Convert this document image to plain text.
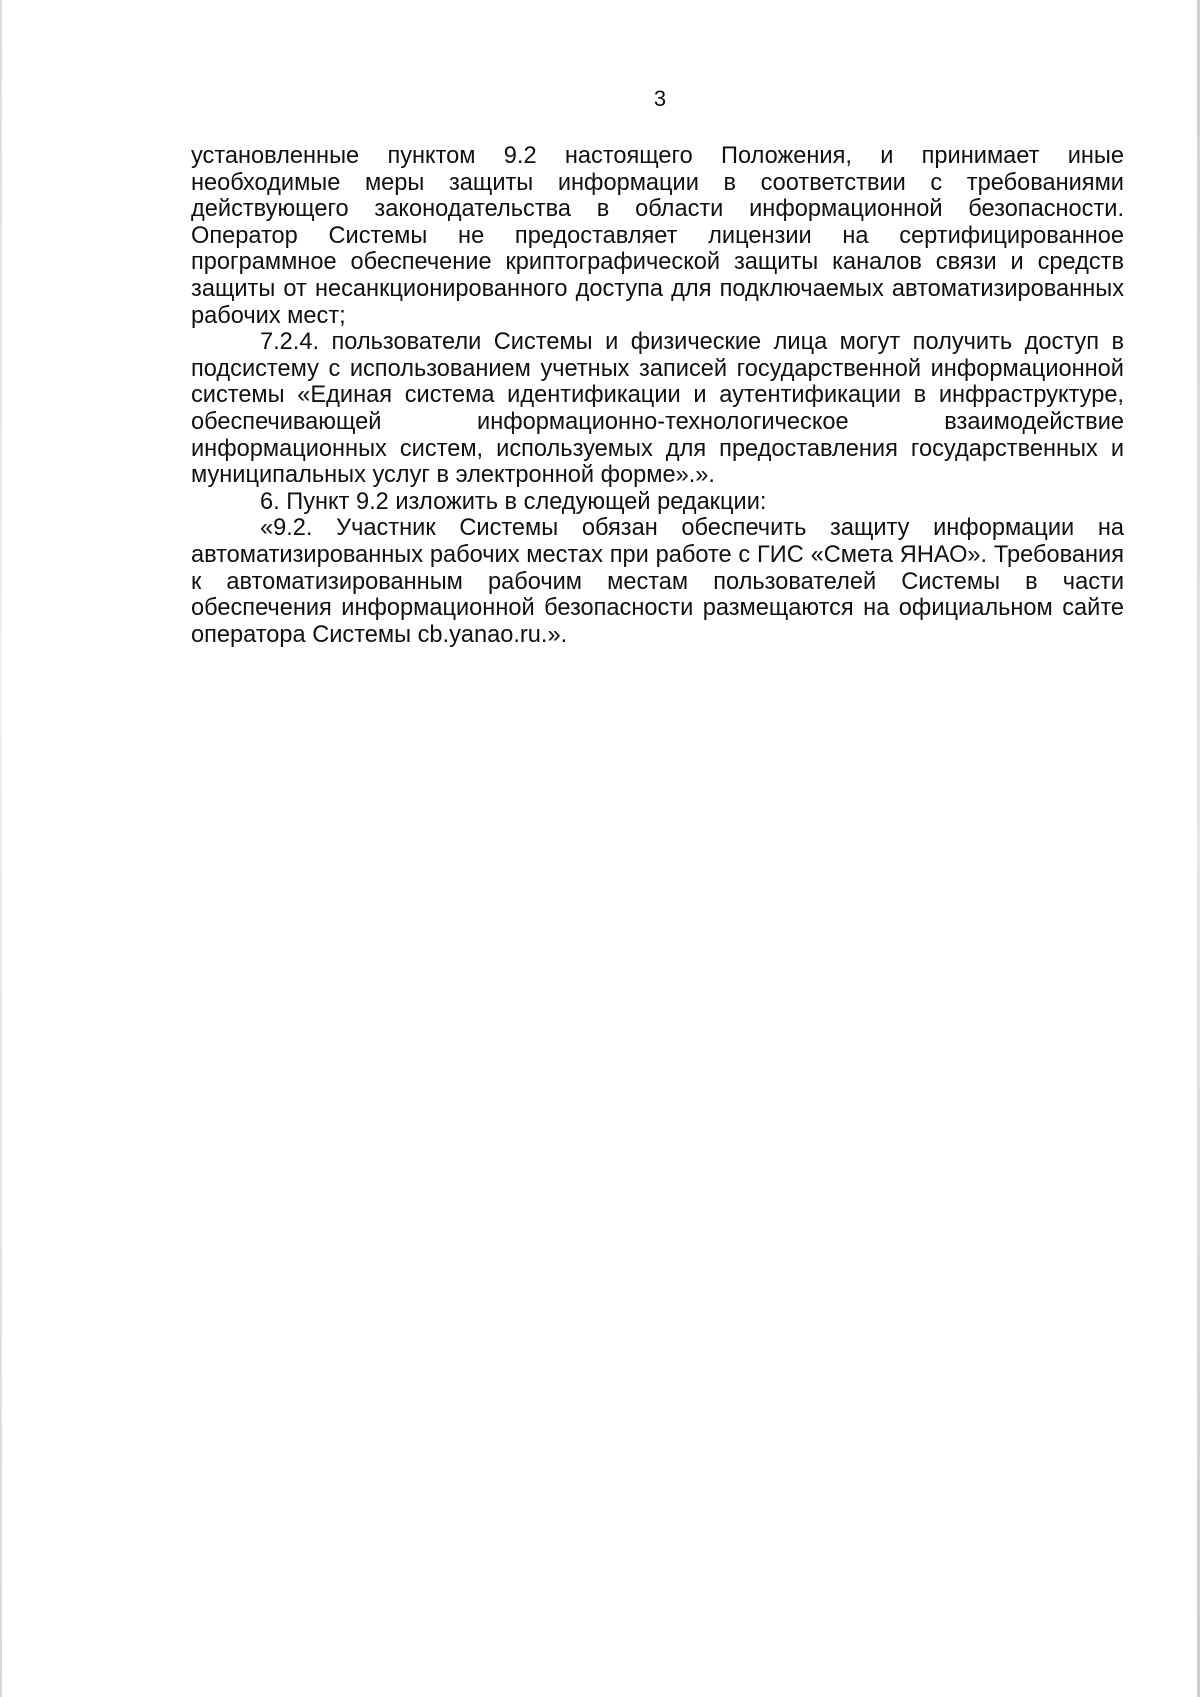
3

установленные пунктом 9.2 настоящего Положения, и принимает иные необходимые меры защиты информации в соответствии с требованиями действующего законодательства в области информационной безопасности. Оператор Системы не предоставляет лицензии на сертифицированное программное обеспечение криптографической защиты каналов связи и средств защиты от несанкционированного доступа для подключаемых автоматизированных рабочих мест;

7.2.4. пользователи Системы и физические лица могут получить доступ в подсистему с использованием учетных записей государственной информационной системы «Единая система идентификации и аутентификации в инфраструктуре, обеспечивающей информационно-технологическое взаимодействие информационных систем, используемых для предоставления государственных и муниципальных услуг в электронной форме».».

6. Пункт 9.2 изложить в следующей редакции:

«9.2. Участник Системы обязан обеспечить защиту информации на автоматизированных рабочих местах при работе с ГИС «Смета ЯНАО». Требования к автоматизированным рабочим местам пользователей Системы в части обеспечения информационной безопасности размещаются на официальном сайте оператора Системы cb.yanao.ru.».
